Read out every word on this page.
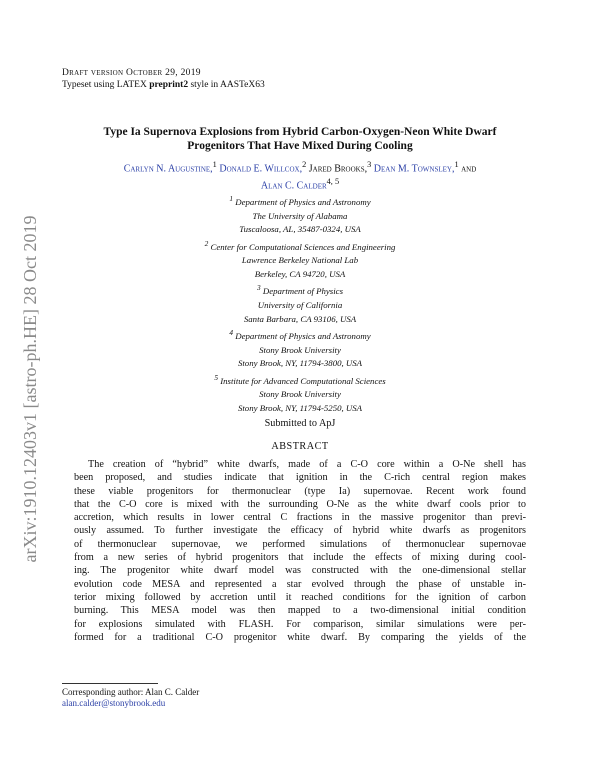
arXiv:1910.12403v1 [astro-ph.HE] 28 Oct 2019
Draft version October 29, 2019
Typeset using LATEX preprint2 style in AASTeX63
Type Ia Supernova Explosions from Hybrid Carbon-Oxygen-Neon White Dwarf
Progenitors That Have Mixed During Cooling
Carlyn N. Augustine,$^1$ Donald E. Willcox,$^2$ Jared Brooks,$^3$ Dean M. Townsley,$^1$ and
Alan C. Calder$^{4, 5}$
$^1$ Department of Physics and Astronomy
The University of Alabama
Tuscaloosa, AL, 35487-0324, USA
$^2$ Center for Computational Sciences and Engineering
Lawrence Berkeley National Lab
Berkeley, CA 94720, USA
$^3$ Department of Physics
University of California
Santa Barbara, CA 93106, USA
$^4$ Department of Physics and Astronomy
Stony Brook University
Stony Brook, NY, 11794-3800, USA
$^5$ Institute for Advanced Computational Sciences
Stony Brook University
Stony Brook, NY, 11794-5250, USA
Submitted to ApJ
ABSTRACT
The creation of “hybrid” white dwarfs, made of a C-O core within a O-Ne shell has
been proposed, and studies indicate that ignition in the C-rich central region makes
these viable progenitors for thermonuclear (type Ia) supernovae. Recent work found
that the C-O core is mixed with the surrounding O-Ne as the white dwarf cools prior to
accretion, which results in lower central C fractions in the massive progenitor than previ-
ously assumed. To further investigate the efficacy of hybrid white dwarfs as progenitors
of thermonuclear supernovae, we performed simulations of thermonuclear supernovae
from a new series of hybrid progenitors that include the effects of mixing during cool-
ing. The progenitor white dwarf model was constructed with the one-dimensional stellar
evolution code MESA and represented a star evolved through the phase of unstable in-
terior mixing followed by accretion until it reached conditions for the ignition of carbon
burning. This MESA model was then mapped to a two-dimensional initial condition
for explosions simulated with FLASH. For comparison, similar simulations were per-
formed for a traditional C-O progenitor white dwarf. By comparing the yields of the
Corresponding author: Alan C. Calder
alan.calder@stonybrook.edu
